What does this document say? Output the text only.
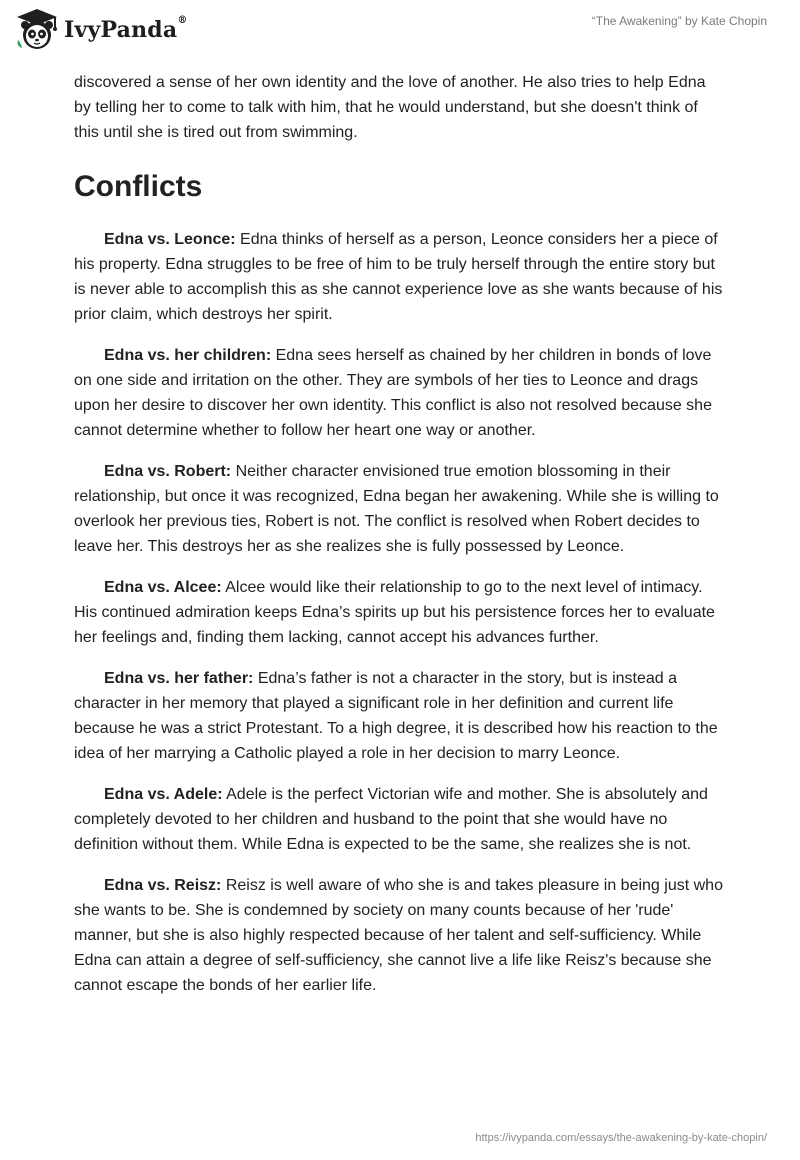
IvyPanda®	“The Awakening” by Kate Chopin

discovered a sense of her own identity and the love of another. He also tries to help Edna by telling her to come to talk with him, that he would understand, but she doesn't think of this until she is tired out from swimming.

Conflicts

Edna vs. Leonce: Edna thinks of herself as a person, Leonce considers her a piece of his property. Edna struggles to be free of him to be truly herself through the entire story but is never able to accomplish this as she cannot experience love as she wants because of his prior claim, which destroys her spirit.

Edna vs. her children: Edna sees herself as chained by her children in bonds of love on one side and irritation on the other. They are symbols of her ties to Leonce and drags upon her desire to discover her own identity. This conflict is also not resolved because she cannot determine whether to follow her heart one way or another.

Edna vs. Robert: Neither character envisioned true emotion blossoming in their relationship, but once it was recognized, Edna began her awakening. While she is willing to overlook her previous ties, Robert is not. The conflict is resolved when Robert decides to leave her. This destroys her as she realizes she is fully possessed by Leonce.

Edna vs. Alcee: Alcee would like their relationship to go to the next level of intimacy. His continued admiration keeps Edna’s spirits up but his persistence forces her to evaluate her feelings and, finding them lacking, cannot accept his advances further.

Edna vs. her father: Edna’s father is not a character in the story, but is instead a character in her memory that played a significant role in her definition and current life because he was a strict Protestant. To a high degree, it is described how his reaction to the idea of her marrying a Catholic played a role in her decision to marry Leonce.

Edna vs. Adele: Adele is the perfect Victorian wife and mother. She is absolutely and completely devoted to her children and husband to the point that she would have no definition without them. While Edna is expected to be the same, she realizes she is not.

Edna vs. Reisz: Reisz is well aware of who she is and takes pleasure in being just who she wants to be. She is condemned by society on many counts because of her 'rude' manner, but she is also highly respected because of her talent and self-sufficiency. While Edna can attain a degree of self-sufficiency, she cannot live a life like Reisz's because she cannot escape the bonds of her earlier life.

https://ivypanda.com/essays/the-awakening-by-kate-chopin/
